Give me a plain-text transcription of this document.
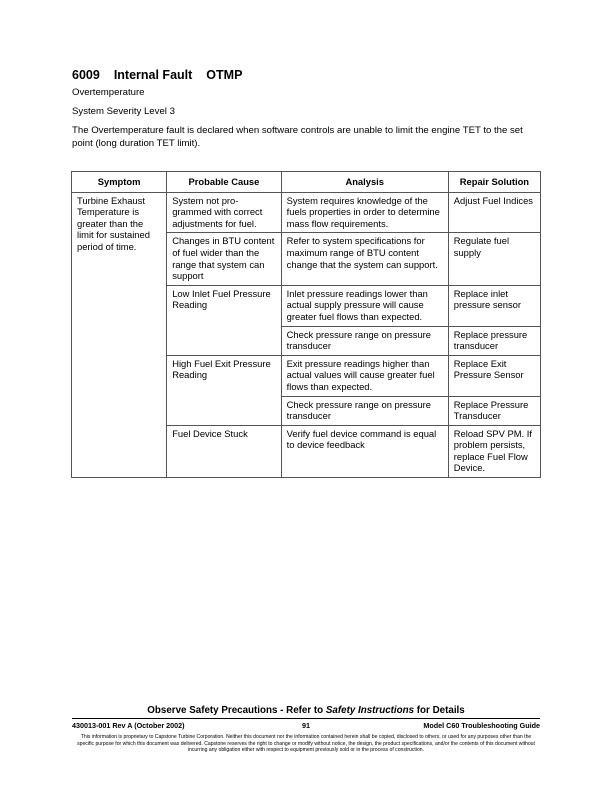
6009 Internal Fault OTMP
Overtemperature
System Severity Level 3
The Overtemperature fault is declared when software controls are unable to limit the engine TET to the set point (long duration TET limit).
Symptom	Probable Cause	Analysis	Repair Solution
Turbine Exhaust Temperature is greater than the limit for sustained period of time.	System not pro-grammed with correct adjustments for fuel.	System requires knowledge of the fuels properties in order to determine mass flow requirements.	Adjust Fuel Indices
	Changes in BTU content of fuel wider than the range that system can support	Refer to system specifications for maximum range of BTU content change that the system can support.	Regulate fuel supply
	Low Inlet Fuel Pressure Reading	Inlet pressure readings lower than actual supply pressure will cause greater fuel flows than expected.	Replace inlet pressure sensor
		Check pressure range on pressure transducer	Replace pressure transducer
	High Fuel Exit Pressure Reading	Exit pressure readings higher than actual values will cause greater fuel flows than expected.	Replace Exit Pressure Sensor
		Check pressure range on pressure transducer	Replace Pressure Transducer
	Fuel Device Stuck	Verify fuel device command is equal to device feedback	Reload SPV PM. If problem persists, replace Fuel Flow Device.
Observe Safety Precautions - Refer to Safety Instructions for Details
430013-001 Rev A (October 2002)	91	Model C60 Troubleshooting Guide
This information is proprietary to Capstone Turbine Corporation. Neither this document nor the information contained herein shall be copied, disclosed to others, or used for any purposes other than the specific purpose for which this document was delivered. Capstone reserves the right to change or modify without notice, the design, the product specifications, and/or the contents of this document without incurring any obligation either with respect to equipment previously sold or in the process of construction.
